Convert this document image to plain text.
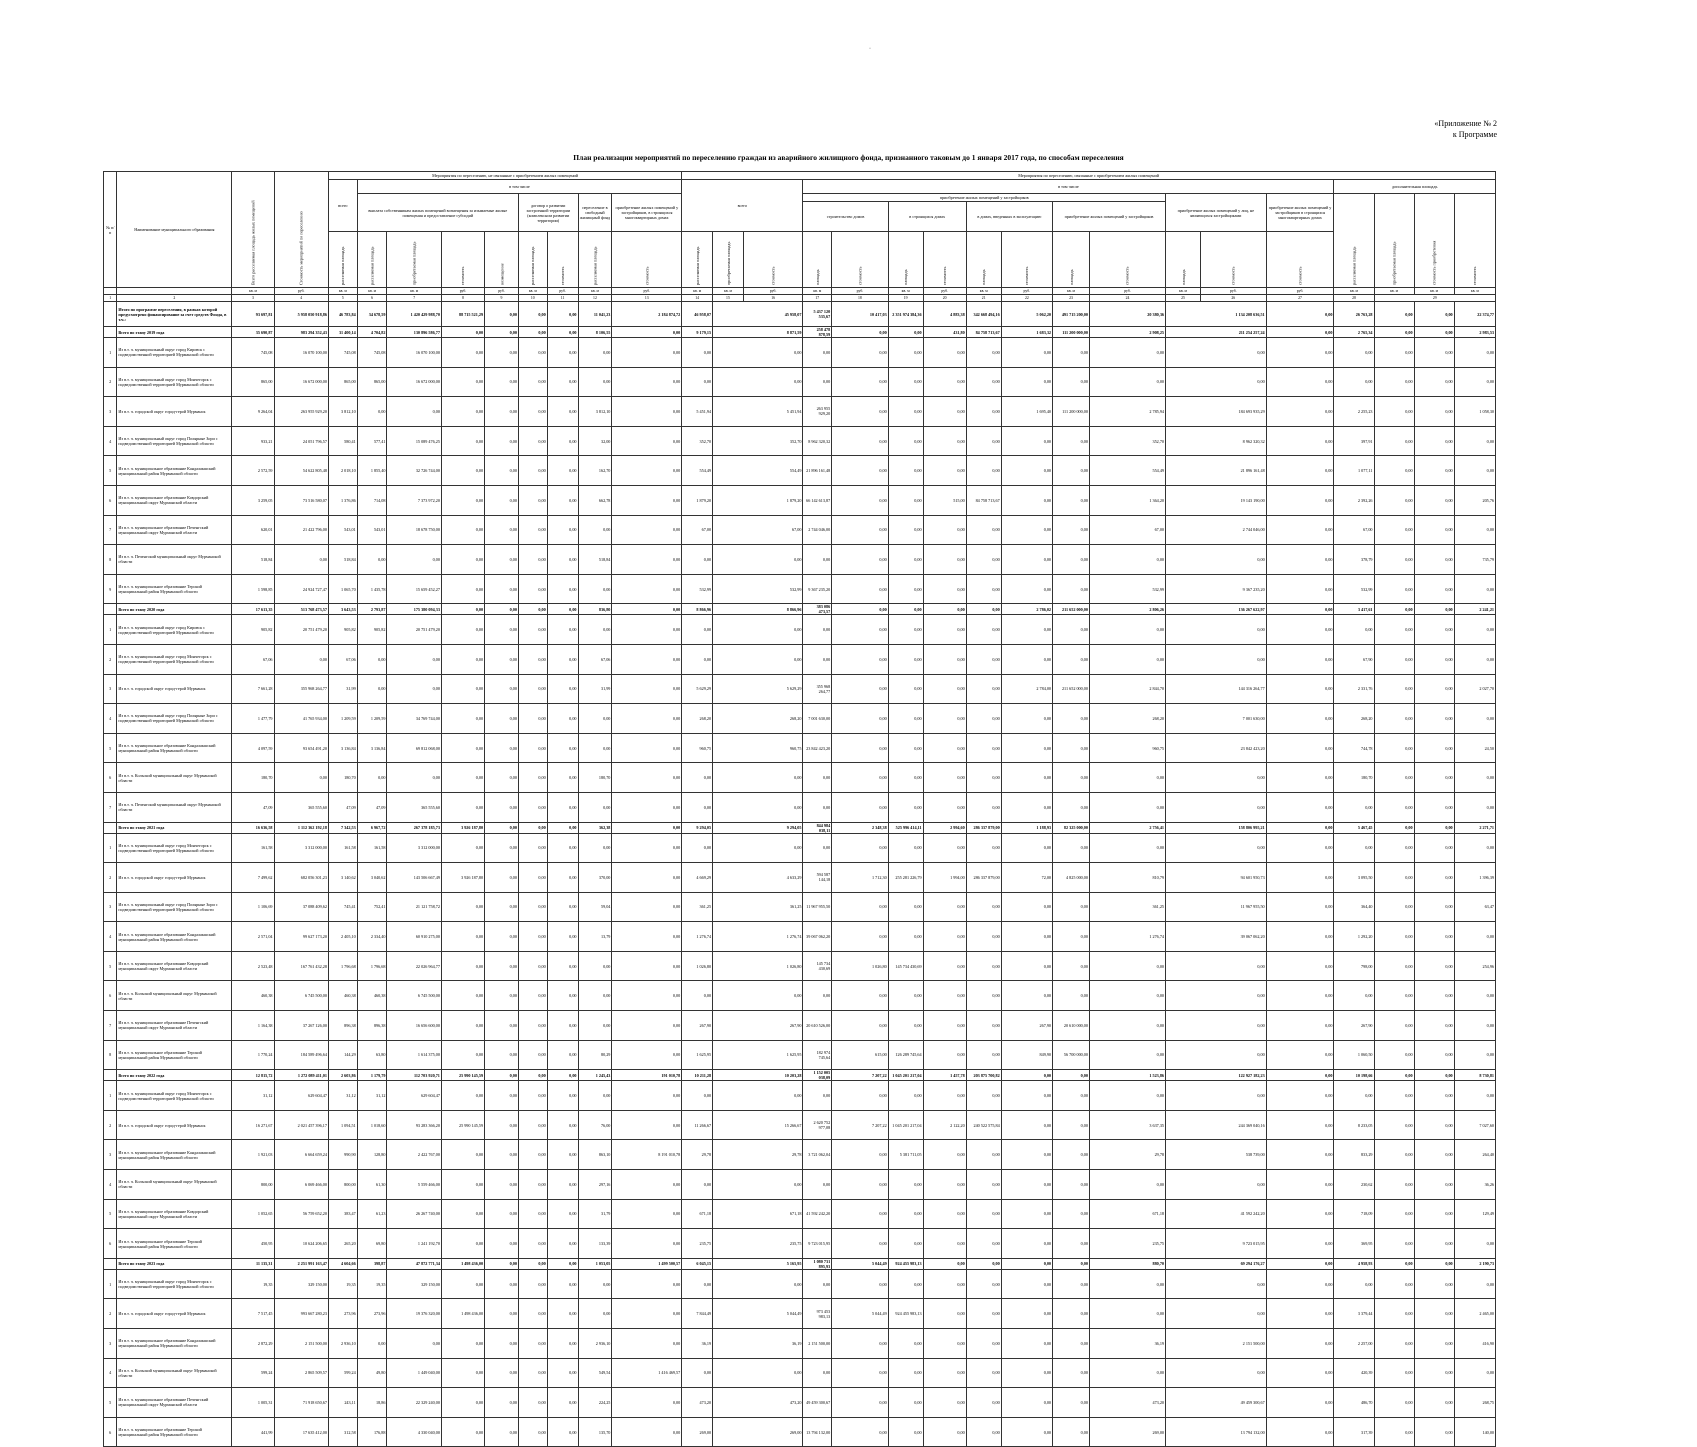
·
«Приложение № 2
к Программе
План реализации мероприятий по переселению граждан из аварийного жилищного фонда, признанного таковым до 1 января 2017 года, по способам переселения
№ п/п	Наименование муниципального образования	Всего расселяемая площадь жилых помещений	Стоимость мероприятий по переселению	Мероприятия по переселению, не связанные с приобретением жилых помещений									Мероприятия по переселению, связанные с приобретением жилых помещений																	
				всего	в том числе								всего			в том числе											дополнительная площадь			
					выплата собственникам жилых помещений возмещения за изымаемые жилые помещения и предоставление субсидий				договор о развитии застроенной территории (комплексном развитии территории)		переселение в свободный жилищный фонд	приобретение жилых помещений у застройщиков, в строящихся многоквартирных домах				приобретение жилых помещений у застройщиков								приобретение жилых помещений у лиц, не являющихся застройщиками		приобретение жилых помещений у застройщиков в строящихся многоквартирных домах	расселяемая площадь	приобретаемая площадь	стоимость приобретения	стоимость
																строительство домов		в строящихся домах		в домах, введенных в эксплуатацию		приобретение жилых помещений у застройщиков								
				расселяемая площадь	расселяемая площадь	приобретаемая площадь	стоимость	возмещение	расселяемая площадь	стоимость	расселяемая площадь	стоимость	расселяемая площадь	приобретаемая площадь	стоимость	площадь	стоимость	площадь	стоимость	площадь	стоимость	площадь	стоимость	площадь	стоимость	стоимость				
		кв. м	руб.	кв. м	кв. м	кв. м	руб.	руб.	кв. м	руб.	кв. м	руб.	кв. м	кв. м	руб.	кв. м	руб.	кв. м	руб.	кв. м	руб.	кв. м	руб.	кв. м	руб.	руб.	кв. м	кв. м	кв. м	кв. м
1	2	3	4	5	6	7	8	9	10	11	12	13	14	15	16	17	18	19	20	21	22	23	24	25	26	27	28	29		
	Итого по программе переселения, в рамках которой предусмотрено финансирование за счет средств Фонда, в т.ч.:	93 697,81	5 958 050 918,86	46 783,84	34 678,59	1 420 429 988,70	88 715 521,29	0,00	0,00	0,00	11 041,23	2 184 874,72	46 958,07	45 958,07		5 437 120 535,67	10 417,03	2 351 974 384,36	4 883,38	342 668 494,16	5 062,20	491 715 200,00	20 380,36	1 134 208 636,51		0,00	26 763,28	0,00	0,00	22 374,77
	Всего по этапу 2019 года	35 690,87	983 294 352,43	31 400,14	4 704,82	130 896 586,77	0,00	0,00	0,00	0,00	8 106,55	0,00	9 179,15	8 871,59		258 478 878,59	0,00	0,00	431,80	84 758 713,67	1 683,32	111 200 000,00	2 908,25	211 254 257,24		0,00	2 765,34	0,00	0,00	2 983,53
1	Из в.т. ч. муниципальный округ город Кировск с подведомственной территорией Мурманской области	745,08	16 070 100,00	745,08	745,08	16 070 100,00	0,00	0,00	0,00	0,00	0,00	0,00	0,00	0,00		0,00	0,00	0,00	0,00	0,00	0,00	0,00	0,00	0,00		0,00	0,00	0,00	0,00	0,00
2	Из в.т. ч. муниципальный округ город Мончегорск с подведомственной территорией Мурманской области	865,00	16 672 000,00	865,00	865,00	16 672 000,00	0,00	0,00	0,00	0,00	0,00	0,00	0,00	0,00		0,00	0,00	0,00	0,00	0,00	0,00	0,00	0,00	0,00		0,00	0,00	0,00	0,00	0,00
3	Из в.т. ч. городской округ город-герой Мурманск	9 264,04	263 955 929,20	3 812,10	0,00	0,00	0,00	0,00	0,00	0,00	3 812,10	0,00	5 451,94	5 451,94		263 955 929,20	0,00	0,00	0,00	0,00	1 695,40	111 200 000,00	2 785,94	184 693 935,29		0,00	2 255,23	0,00	0,00	1 058,30
4	Из в.т. ч. муниципальный округ город Полярные Зори с подведомственной территорией Мурманской области	933,21	24 051 796,57	580,41	577,41	15 089 476,25	0,00	0,00	0,00	0,00	32,00	0,00	352,70	352,70		8 962 320,32	0,00	0,00	0,00	0,00	0,00	0,00	352,70	8 962 320,32		0,00	397,91	0,00	0,00	0,00
5	Из в.т. ч. муниципальное образование Кандалакшский муниципальный район Мурманской области	2 572,59	54 622 805,48	2 018,10	1 855,40	32 726 744,00	0,00	0,00	0,00	0,00	162,70	0,00	554,49	554,49		21 896 161,48	0,00	0,00	0,00	0,00	0,00	0,00	554,49	21 896 161,48		0,00	1 077,11	0,00	0,00	0,00
6	Из в.т. ч. муниципальное образование Ковдорский муниципальный округ Мурманской области	3 259,05	73 516 580,07	1 376,86	714,08	7 373 972,20	0,00	0,00	0,00	0,00	662,78	0,00	1 879,20	1 879,20		66 142 613,87	0,00	0,00	515,00	84 758 713,67	0,00	0,00	1 364,20	19 143 190,00		0,00	2 392,26	0,00	0,00	205,76
7	Из в.т. ч. муниципальное образование Печенгский муниципальный округ Мурманской области	620,01	21 422 796,00	543,01	543,01	18 678 750,00	0,00	0,00	0,00	0,00	0,00	0,00	67,00	67,00		2 744 046,00	0,00	0,00	0,00	0,00	0,00	0,00	67,00	2 744 046,00		0,00	67,00	0,00	0,00	0,00
8	Из в.т. ч. Печенгский муниципальный округ Мурманской области	518,84	0,00	518,84	0,00	0,00	0,00	0,00	0,00	0,00	518,84	0,00	0,00	0,00		0,00	0,00	0,00	0,00	0,00	0,00	0,00	0,00	0,00		0,00	378,79	0,00	0,00	735,79
9	Из в.т. ч. муниципальное образование Терский муниципальный район Мурманской области	1 598,85	24 924 727,47	1 065,70	1 435,78	15 659 452,27	0,00	0,00	0,00	0,00	0,00	0,00	532,99	532,99		9 367 235,20	0,00	0,00	0,00	0,00	0,00	0,00	532,99	9 367 235,20		0,00	532,99	0,00	0,00	0,00
	Всего по этапу 2020 года	17 613,35	513 768 473,57	3 643,53	2 793,87	175 380 094,33	0,00	0,00	0,00	0,00	836,80	0,00	8 866,96	8 866,96		383 086 473,57	0,00	0,00	0,00	0,00	2 786,02	211 652 000,00	2 806,26	136 267 622,97		0,00	3 417,61	0,00	0,00	2 241,21
1	Из в.т. ч. муниципальный округ город Кировск с подведомственной территорией Мурманской области	905,82	20 751 479,20	905,82	905,82	20 751 479,20	0,00	0,00	0,00	0,00	0,00	0,00	0,00	0,00		0,00	0,00	0,00	0,00	0,00	0,00	0,00	0,00	0,00		0,00	0,00	0,00	0,00	0,00
2	Из в.т. ч. муниципальный округ город Мончегорск с подведомственной территорией Мурманской области	67,06	0,00	67,06	0,00	0,00	0,00	0,00	0,00	0,00	67,06	0,00	0,00	0,00		0,00	0,00	0,00	0,00	0,00	0,00	0,00	0,00	0,00		0,00	67,90	0,00	0,00	0,00
3	Из в.т. ч. городской округ город-герой Мурманск	7 661,28	355 968 264,77	31,99	0,00	0,00	0,00	0,00	0,00	0,00	31,99	0,00	5 629,29	5 629,29		355 968 264,77	0,00	0,00	0,00	0,00	2 784,00	211 652 000,00	2 844,70	144 316 264,77		0,00	2 331,76	0,00	0,00	2 027,70
4	Из в.т. ч. муниципальный округ город Полярные Зори с подведомственной территорией Мурманской области	1 477,79	41 765 934,00	1 209,59	1 209,59	34 769 744,00	0,00	0,00	0,00	0,00	0,00	0,00	268,20	268,20		7 001 630,00	0,00	0,00	0,00	0,00	0,00	0,00	268,20	7 001 630,00		0,00	268,20	0,00	0,00	0,00
5	Из в.т. ч. муниципальное образование Кандалакшский муниципальный район Мурманской области	4 097,59	93 654 491,20	3 136,84	3 136,84	69 812 068,00	0,00	0,00	0,00	0,00	0,00	0,00	960,75	960,75		23 842 423,20	0,00	0,00	0,00	0,00	0,00	0,00	960,75	23 842 423,20		0,00	744,78	0,00	0,00	24,50
6	Из в.т. ч. Кольский муниципальный округ Мурманской области	180,70	0,00	180,70	0,00	0,00	0,00	0,00	0,00	0,00	180,70	0,00	0,00	0,00		0,00	0,00	0,00	0,00	0,00	0,00	0,00	0,00	0,00		0,00	180,70	0,00	0,00	0,00
7	Из в.т. ч. Печенгский муниципальный округ Мурманской области	47,09	365 555,60	47,09	47,09	365 555,60	0,00	0,00	0,00	0,00	0,00	0,00	0,00	0,00		0,00	0,00	0,00	0,00	0,00	0,00	0,00	0,00	0,00		0,00	0,00	0,00	0,00	0,00
	Всего по этапу 2021 года	16 636,58	1 112 362 192,18	7 342,53	6 967,72	267 378 185,73	3 926 187,80	0,00	0,00	0,00	362,38	0,00	9 294,05	9 294,05		844 984 038,11	2 348,38	525 996 414,11	2 994,60	286 337 879,00	1 188,93	82 325 000,00	2 756,41	158 806 995,21		0,00	5 467,45	0,00	0,00	2 271,71
1	Из в.т. ч. муниципальный округ город Мончегорск с подведомственной территорией Мурманской области	161,58	3 312 000,00	161,58	161,58	3 312 000,00	0,00	0,00	0,00	0,00	0,00	0,00	0,00	0,00		0,00	0,00	0,00	0,00	0,00	0,00	0,00	0,00	0,00		0,00	0,00	0,00	0,00	0,00
2	Из в.т. ч. городской округ город-герой Мурманск	7 499,62	682 056 301,23	3 140,62	3 040,62	143 506 667,49	3 926 187,80	0,00	0,00	0,00	370,00	0,00	4 669,29	4 633,29		594 587 144,18	1 712,30	255 281 226,79	1 994,00	286 337 879,00	72,00	4 825 000,00	810,79	94 601 950,73		0,00	3 095,50	0,00	0,00	1 396,39
3	Из в.т. ч. муниципальный округ город Полярные Зори с подведомственной территорией Мурманской области	1 106,69	37 088 409,62	745,41	752,41	21 121 758,72	0,00	0,00	0,00	0,00	59,04	0,00	361,25	361,25		11 967 955,50	0,00	0,00	0,00	0,00	0,00	0,00	361,25	11 967 955,50		0,00	364,40	0,00	0,00	63,47
4	Из в.т. ч. муниципальное образование Кандалакшский муниципальный район Мурманской области	2 571,04	99 627 173,20	2 405,10	2 334,40	60 910 275,00	0,00	0,00	0,00	0,00	13,79	0,00	1 276,74	1 276,74		39 067 062,20	0,00	0,00	0,00	0,00	0,00	0,00	1 276,74	39 067 062,20		0,00	1 292,20	0,00	0,00	0,00
5	Из в.т. ч. муниципальное образование Ковдорский муниципальный округ Мурманской области	2 523,48	167 761 432,28	1 796,68	1 796,68	22 026 964,77	0,00	0,00	0,00	0,00	0,00	0,00	1 026,80	1 026,80		145 734 430,69	1 026,80	145 734 430,69	0,00	0,00	0,00	0,00	0,00	0,00		0,00	798,00	0,00	0,00	254,96
6	Из в.т. ч. Кольский муниципальный округ Мурманской области	460,38	6 745 500,00	460,38	460,38	6 745 500,00	0,00	0,00	0,00	0,00	0,00	0,00	0,00	0,00		0,00	0,00	0,00	0,00	0,00	0,00	0,00	0,00	0,00		0,00	0,00	0,00	0,00	0,00
7	Из в.т. ч. муниципальное образование Печенгский муниципальный округ Мурманской области	1 164,38	37 267 126,00	896,38	896,38	16 656 600,00	0,00	0,00	0,00	0,00	0,00	0,00	267,90	267,90		20 610 526,00	0,00	0,00	0,00	0,00	267,90	20 610 000,00	0,00	0,00		0,00	267,90	0,00	0,00	0,00
8	Из в.т. ч. муниципальное образование Терский муниципальный район Мурманской области	1 770,24	184 589 496,64	144,29	63,80	1 614 375,00	0,00	0,00	0,00	0,00	80,29	0,00	1 625,95	1 625,95		182 974 745,64	615,00	126 289 745,64	0,00	0,00	849,90	56 700 000,00	0,00	0,00		0,00	1 060,50	0,00	0,00	0,00
	Всего по этапу 2022 года	12 815,72	1 272 089 411,01	2 603,86	1 179,79	112 703 920,71	25 990 145,59	0,00	0,00	0,00	1 245,43	191 010,78	10 211,28	10 203,28		1 152 005 038,09	7 207,22	1 045 201 217,04	1 457,78	203 875 700,82	0,00	0,00	1 523,86	122 927 182,23		0,00	10 198,66	0,00	0,00	8 730,81
1	Из в.т. ч. муниципальный округ город Мончегорск с подведомственной территорией Мурманской области	31,12	629 604,47	31,12	31,12	629 604,47	0,00	0,00	0,00	0,00	0,00	0,00	0,00	0,00		0,00	0,00	0,00	0,00	0,00	0,00	0,00	0,00	0,00		0,00	0,00	0,00	0,00	0,00
2	Из в.т. ч. городской округ город-герой Мурманск	16 271,67	2 021 457 396,17	1 094,51	1 018,60	93 283 366,20	25 990 145,59	0,00	0,00	0,00	76,00	0,00	11 266,67	15 266,67		2 620 752 977,08	7 207,22	1 045 201 217,04	2 122,20	240 522 575,84	0,00	0,00	3 637,35	244 369 040,16		0,00	8 233,05	0,00	0,00	7 027,60
3	Из в.т. ч. муниципальное образование Кандалакшский муниципальный район Мурманской области	1 921,03	6 664 659,24	990,90	128,80	2 422 767,00	0,00	0,00	0,00	0,00	863,10	8 191 010,78	29,78	29,78		3 721 062,04	0,00	5 381 711,05	0,00	0,00	0,00	0,00	29,78	538 739,00		0,00	833,29	0,00	0,00	264,40
4	Из в.т. ч. Кольский муниципальный округ Мурманской области	800,00	6 069 466,00	800,00	61,30	5 559 466,00	0,00	0,00	0,00	0,00	297,16	0,00	0,00	0,00		0,00	0,00	0,00	0,00	0,00	0,00	0,00	0,00	0,00		0,00	230,62	0,00	0,00	36,26
5	Из в.т. ч. муниципальное образование Ковдорский муниципальный округ Мурманской области	1 052,65	56 759 652,20	383,47	61,23	26 267 740,00	0,00	0,00	0,00	0,00	31,79	0,00	671,18	671,18		41 592 242,20	0,00	0,00	0,00	0,00	0,00	0,00	671,18	41 592 242,20		0,00	718,09	0,00	0,00	129,49
6	Из в.т. ч. муниципальное образование Терский муниципальный район Мурманской области	450,95	10 624 206,65	265,20	69,80	1 241 192,70	0,00	0,00	0,00	0,00	133,39	0,00	235,75	235,75		9 723 015,95	0,00	0,00	0,00	0,00	0,00	0,00	235,75	9 723 015,95		0,00	369,95	0,00	0,00	0,00
	Всего по этапу 2023 года	11 135,31	2 251 991 163,47	4 604,66	398,87	47 872 771,34	1 498 436,00	0,00	0,00	0,00	1 053,05	1 499 500,57	6 045,15	5 165,95		1 080 731 895,93	5 044,49	924 455 983,13	0,00	0,00	0,00	0,00	880,70	69 294 176,27		0,00	4 958,93	0,00	0,00	2 190,73
1	Из в.т. ч. муниципальный округ город Мончегорск с подведомственной территорией Мурманской области	19,35	329 150,00	19,35	19,35	329 150,00	0,00	0,00	0,00	0,00	0,00	0,00	0,00	0,00		0,00	0,00	0,00	0,00	0,00	0,00	0,00	0,00	0,00		0,00	0,00	0,00	0,00	0,00
2	Из в.т. ч. городской округ город-герой Мурманск	7 517,45	993 667 280,23	273,96	273,96	19 376 320,00	1 498 436,00	0,00	0,00	0,00	0,00	0,00	7 844,49	5 044,49		973 453 983,13	5 044,49	924 455 983,13	0,00	0,00	0,00	0,00	0,00	0,00		0,00	3 379,44	0,00	0,00	2 465,00
3	Из в.т. ч. муниципальное образование Кандалакшский муниципальный район Мурманской области	2 872,29	2 151 500,00	2 936,10	0,00	0,00	0,00	0,00	0,00	0,00	2 936,10	0,00	36,19	36,19		2 151 500,00	0,00	0,00	0,00	0,00	0,00	0,00	36,19	2 151 500,00		0,00	2 257,00	0,00	0,00	416,90
4	Из в.т. ч. Кольский муниципальный округ Мурманской области	599,24	2 865 509,57	599,24	49,80	1 449 040,00	0,00	0,00	0,00	0,00	549,54	1 416 469,57	0,00	0,00		0,00	0,00	0,00	0,00	0,00	0,00	0,00	0,00	0,00		0,00	420,39	0,00	0,00	0,00
5	Из в.т. ч. муниципальное образование Печенгский муниципальный округ Мурманской области	1 005,31	71 918 650,67	243,11	18,86	22 329 240,00	0,00	0,00	0,00	0,00	224,25	0,00	473,20	473,20		49 459 300,67	0,00	0,00	0,00	0,00	0,00	0,00	473,20	49 459 300,67		0,00	486,70	0,00	0,00	268,75
6	Из в.т. ч. муниципальное образование Терский муниципальный район Мурманской области	441,99	17 635 412,00	312,58	176,88	4 330 040,00	0,00	0,00	0,00	0,00	135,70	0,00	269,00	269,00		13 794 132,00	0,00	0,00	0,00	0,00	0,00	0,00	269,00	13 794 132,00		0,00	317,39	0,00	0,00	140,00
